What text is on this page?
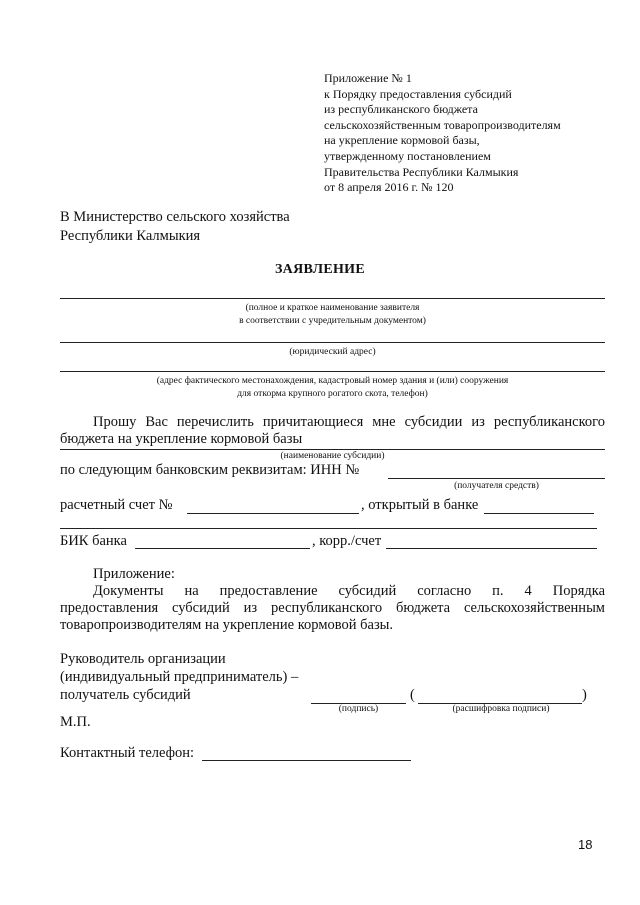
Приложение № 1
к Порядку предоставления субсидий
из республиканского бюджета
сельскохозяйственным товаропроизводителям
на укрепление кормовой базы,
утвержденному постановлением
Правительства Республики Калмыкия
от 8 апреля 2016 г. № 120
В Министерство сельского хозяйства
Республики Калмыкия
ЗАЯВЛЕНИЕ
(полное и краткое наименование заявителя
в соответствии с учредительным документом)
(юридический адрес)
(адрес фактического местонахождения, кадастровый номер здания и (или) сооружения
для откорма крупного рогатого скота, телефон)
Прошу Вас перечислить причитающиеся мне субсидии из республиканского
бюджета на укрепление кормовой базы
(наименование субсидии)
по следующим банковским реквизитам: ИНН №
(получателя средств)
расчетный счет №	, открытый в банке
БИК банка	, корр./счет
Приложение:
Документы на предоставление субсидий согласно п. 4 Порядка
предоставления субсидий из республиканского бюджета сельскохозяйственным
товаропроизводителям на укрепление кормовой базы.
Руководитель организации
(индивидуальный предприниматель) –
получатель субсидий	(	)
(подпись)	(расшифровка подписи)
М.П.
Контактный телефон:
18
